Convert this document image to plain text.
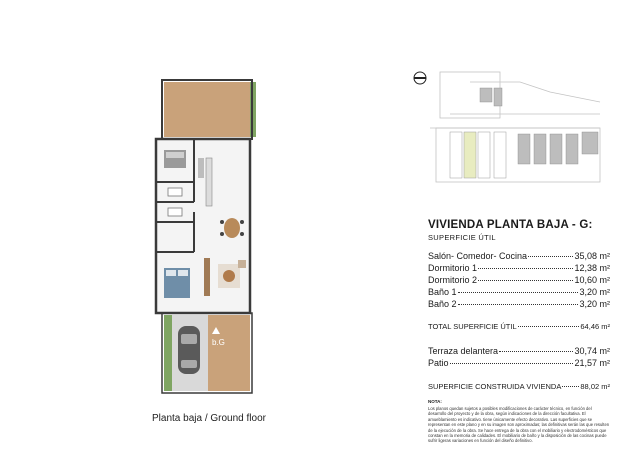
b.G
Planta baja / Ground floor
VIVIENDA PLANTA BAJA - G:
SUPERFICIE ÚTIL
Salón- Comedor- Cocina	35,08 m²
Dormitorio 1	12,38 m²
Dormitorio 2	10,60 m²
Baño 1	3,20 m²
Baño 2	3,20 m²
TOTAL SUPERFICIE ÚTIL	64,46 m²
Terraza delantera	30,74 m²
Patio	21,57 m²
SUPERFICIE CONSTRUIDA VIVIENDA	88,02 m²
NOTA:
Los planos quedan sujetos a posibles modificaciones de carácter técnico, en función del desarrollo del proyecto y de la obra, según indicaciones de la dirección facultativa. El amueblamiento es indicativo. tiene únicamente efecto decorativo. Las superficies que se representan en este plano y en su imagen son aproximadas; las definitivas serán las que resulten de la ejecución de la obra. Se hace entrega de la obra con el mobiliario y electrodomésticos que constan en la memoria de calidades. El mobiliario de baño y la disposición de las cocinas puede sufrir ligeras variaciones en función del diseño definitivo.
